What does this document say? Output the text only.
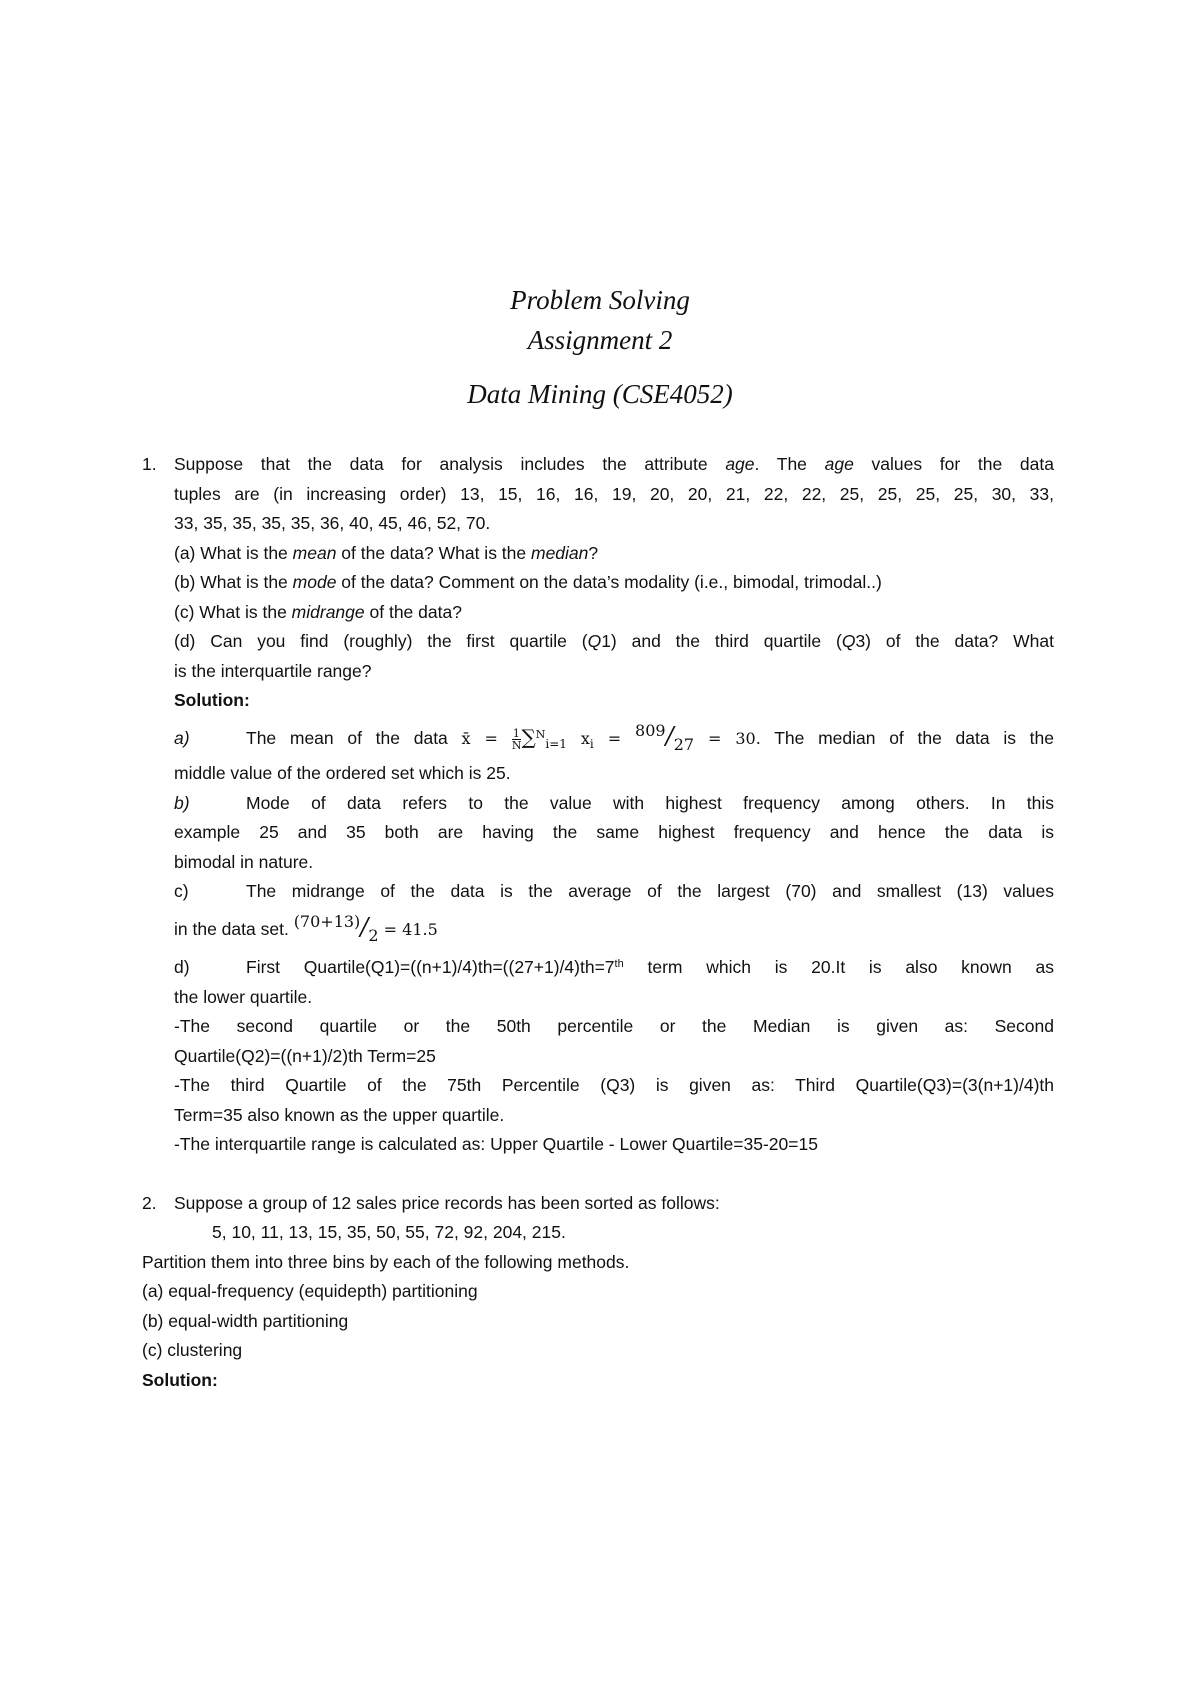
Problem Solving
Assignment 2
Data Mining (CSE4052)
1. Suppose that the data for analysis includes the attribute age. The age values for the data
tuples are (in increasing order) 13, 15, 16, 16, 19, 20, 20, 21, 22, 22, 25, 25, 25, 25, 30, 33,
33, 35, 35, 35, 35, 36, 40, 45, 46, 52, 70.
(a) What is the mean of the data? What is the median?
(b) What is the mode of the data? Comment on the data’s modality (i.e., bimodal, trimodal..)
(c) What is the midrange of the data?
(d) Can you find (roughly) the first quartile (Q1) and the third quartile (Q3) of the data? What
is the interquartile range?
Solution:
a)	The mean of the data x̄ = $\frac{1}{N} \sum^N_{i=1}$ $x_i = 809/27 = 30$. The median of the data is the
middle value of the ordered set which is 25.
b)	Mode of data refers to the value with highest frequency among others. In this
example 25 and 35 both are having the same highest frequency and hence the data is
bimodal in nature.
c)	The midrange of the data is the average of the largest (70) and smallest (13) values
in the data set. (70+13)/2 = 41.5
d)	First Quartile(Q1)=((n+1)/4)th=((27+1)/4)th=7th term which is 20.It is also known as
the lower quartile.
-The second quartile or the 50th percentile or the Median is given as: Second
Quartile(Q2)=((n+1)/2)th Term=25
-The third Quartile of the 75th Percentile (Q3) is given as: Third Quartile(Q3)=(3(n+1)/4)th
Term=35 also known as the upper quartile.
-The interquartile range is calculated as: Upper Quartile - Lower Quartile=35-20=15
2. Suppose a group of 12 sales price records has been sorted as follows:
5, 10, 11, 13, 15, 35, 50, 55, 72, 92, 204, 215.
Partition them into three bins by each of the following methods.
(a) equal-frequency (equidepth) partitioning
(b) equal-width partitioning
(c) clustering
Solution:
